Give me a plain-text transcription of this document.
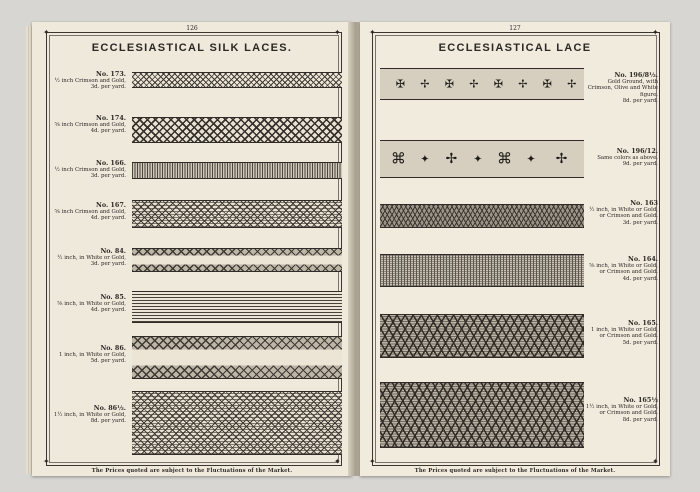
✦	✦
✦	✦
126
ECCLESIASTICAL SILK LACES.
No. 173.
½ inch Crimson and Gold,
3d. per yard.
No. 174.
⅝ inch Crimson and Gold,
4d. per yard.
No. 166.
½ inch Crimson and Gold,
3d. per yard.
No. 167.
⅝ inch Crimson and Gold,
4d. per yard.
No. 84.
½ inch, in White or Gold,
3d. per yard.
No. 85.
⅝ inch, in White or Gold,
4d. per yard.
No. 86.
1 inch, in White or Gold,
5d. per yard.
No. 86½.
1½ inch, in White or Gold,
8d. per yard.
The Prices quoted are subject to the Fluctuations of the Market.
✦	✦
✦	✦
127
ECCLESIASTICAL LACE
✠ ✢ ✠ ✢ ✠ ✢ ✠ ✢
No. 196/8½.
Gold Ground, with
Crimson, Olive and White
figure.
8d. per yard.
⌘ ✦ ✢ ✦ ⌘ ✦ ✢	No. 196/12.
Same colors as above.
9d. per yard.
No. 163
½ inch, in White or Gold,
or Crimson and Gold.
3d. per yard.
No. 164.
⅝ inch, in White or Gold,
or Crimson and Gold.
4d. per yard.
No. 165.
1 inch, in White or Gold,
or Crimson and Gold.
5d. per yard.
No. 165½
1½ inch, in White or Gold,
or Crimson and Gold.
8d. per yard.
The Prices quoted are subject to the Fluctuations of the Market.
